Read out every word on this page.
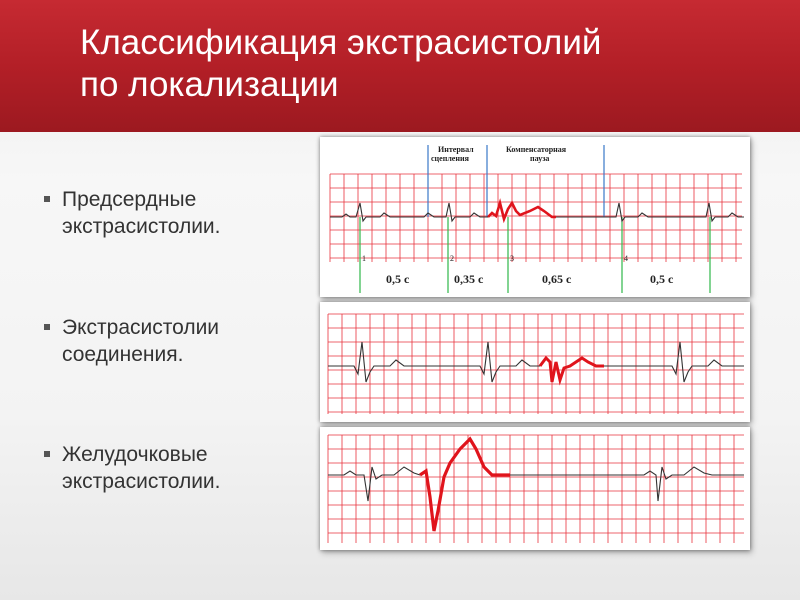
Классификация экстрасистолий
по локализации
Предсердные
экстрасистолии.
Экстрасистолии
соединения.
Желудочковые
экстрасистолии.
Интервал
сцепления
Компенсаторная
пауза
1	2	3	4
0,5 с	0,35 с	0,65 с	0,5 с
